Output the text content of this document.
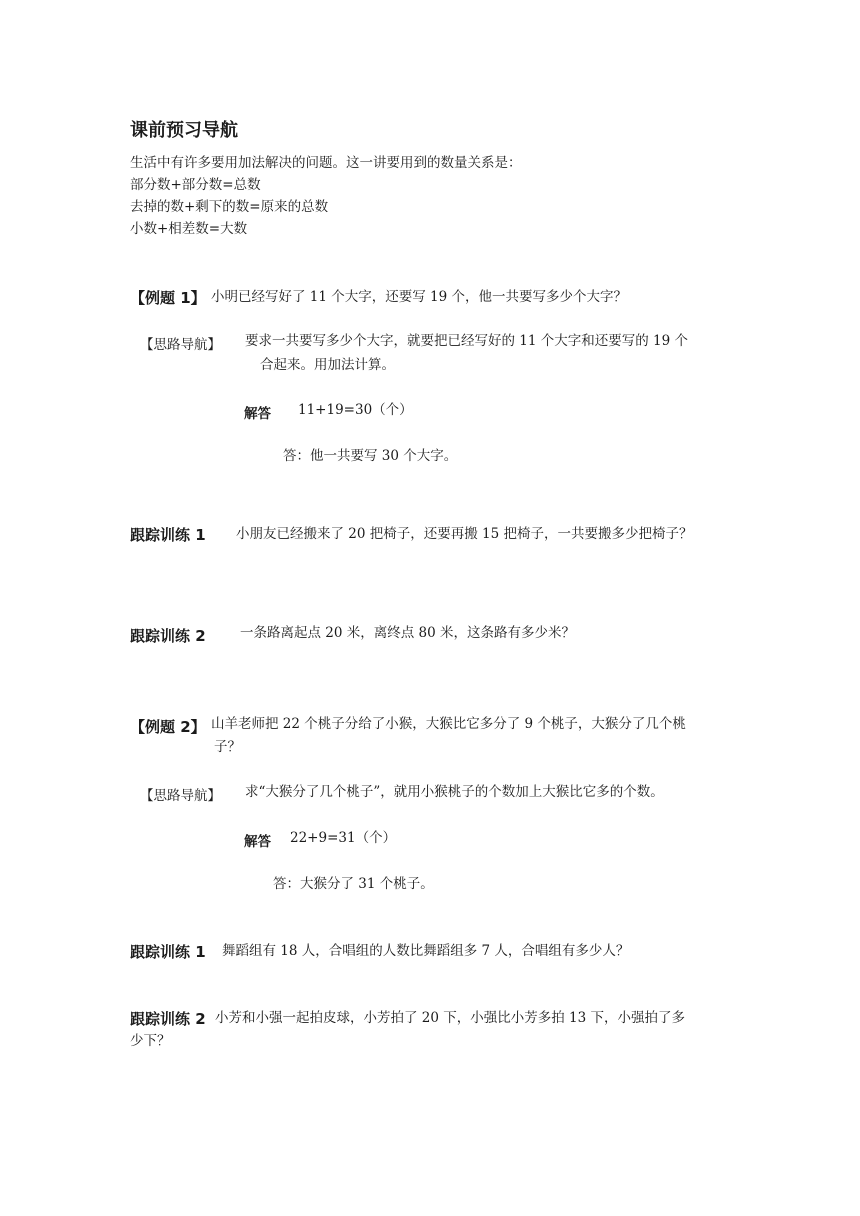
课前预习导航
生活中有许多要用加法解决的问题。这一讲要用到的数量关系是：
部分数+部分数=总数
去掉的数+剩下的数=原来的总数
小数+相差数=大数
【例题 1】 小明已经写好了 11 个大字，还要写 19 个，他一共要写多少个大字？
【思路导航】 要求一共要写多少个大字，就要把已经写好的 11 个大字和还要写的 19 个
合起来。用加法计算。
解答 11+19=30（个）
答：他一共要写 30 个大字。
跟踪训练 1 小朋友已经搬来了 20 把椅子，还要再搬 15 把椅子，一共要搬多少把椅子？
跟踪训练 2	一条路离起点 20 米，离终点 80 米，这条路有多少米？
【例题 2】 山羊老师把 22 个桃子分给了小猴，大猴比它多分了 9 个桃子，大猴分了几个桃
子？
【思路导航】 求“大猴分了几个桃子”，就用小猴桃子的个数加上大猴比它多的个数。
解答 22+9=31（个）
答：大猴分了 31 个桃子。
跟踪训练 1 舞蹈组有 18 人，合唱组的人数比舞蹈组多 7 人，合唱组有多少人？
跟踪训练 2 小芳和小强一起拍皮球，小芳拍了 20 下，小强比小芳多拍 13 下，小强拍了多
少下？
